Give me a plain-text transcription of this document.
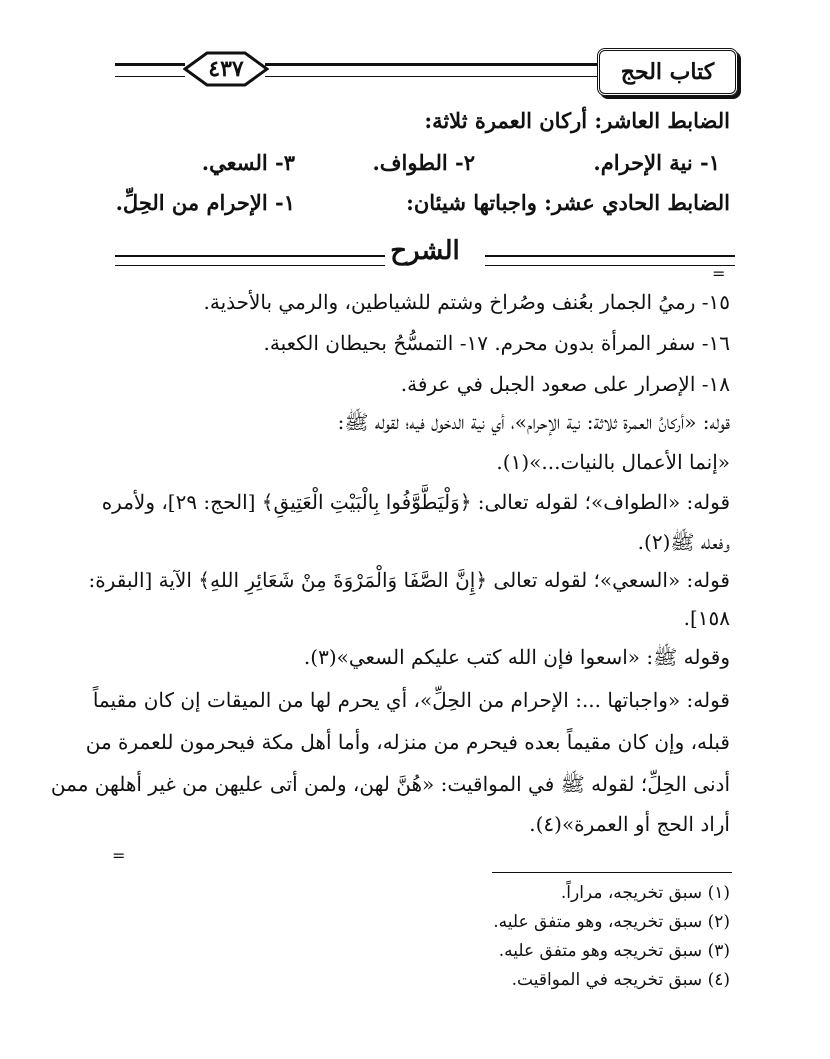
كتاب الحج
٤٣٧
الضابط العاشر: أركان العمرة ثلاثة:
١- نية الإحرام.
٢- الطواف.
٣- السعي.
الضابط الحادي عشر: واجباتها شيئان:
١- الإحرام من الحِلِّ.
الشرح
=
١٥- رميُ الجمار بعُنف وصُراخ وشتم للشياطين، والرمي بالأحذية.
١٦- سفر المرأة بدون محرم. ١٧- التمسُّحُ بحيطان الكعبة.
١٨- الإصرار على صعود الجبل في عرفة.
قوله: «أركانُ العمرة ثلاثة: نية الإحرام»، أي نية الدخول فيه؛ لقوله ﷺ:
«إنما الأعمال بالنيات...»(١).
قوله: «الطواف»؛ لقوله تعالى: ﴿وَلْيَطَّوَّفُوا بِالْبَيْتِ الْعَتِيقِ﴾ [الحج: ٢٩]، ولأمره
وفعله ﷺ(٢).
قوله: «السعي»؛ لقوله تعالى ﴿إِنَّ الصَّفَا وَالْمَرْوَةَ مِنْ شَعَائِرِ اللهِ﴾ الآية [البقرة:
١٥٨].
وقوله ﷺ: «اسعوا فإن الله كتب عليكم السعي»(٣).
قوله: «واجباتها ...: الإحرام من الحِلِّ»، أي يحرم لها من الميقات إن كان مقيماً
قبله، وإن كان مقيماً بعده فيحرم من منزله، وأما أهل مكة فيحرمون للعمرة من
أدنى الحِلِّ؛ لقوله ﷺ في المواقيت: «هُنَّ لهن، ولمن أتى عليهن من غير أهلهن ممن
أراد الحج أو العمرة»(٤).
=
(١) سبق تخريجه، مراراً.
(٢) سبق تخريجه، وهو متفق عليه.
(٣) سبق تخريجه وهو متفق عليه.
(٤) سبق تخريجه في المواقيت.
